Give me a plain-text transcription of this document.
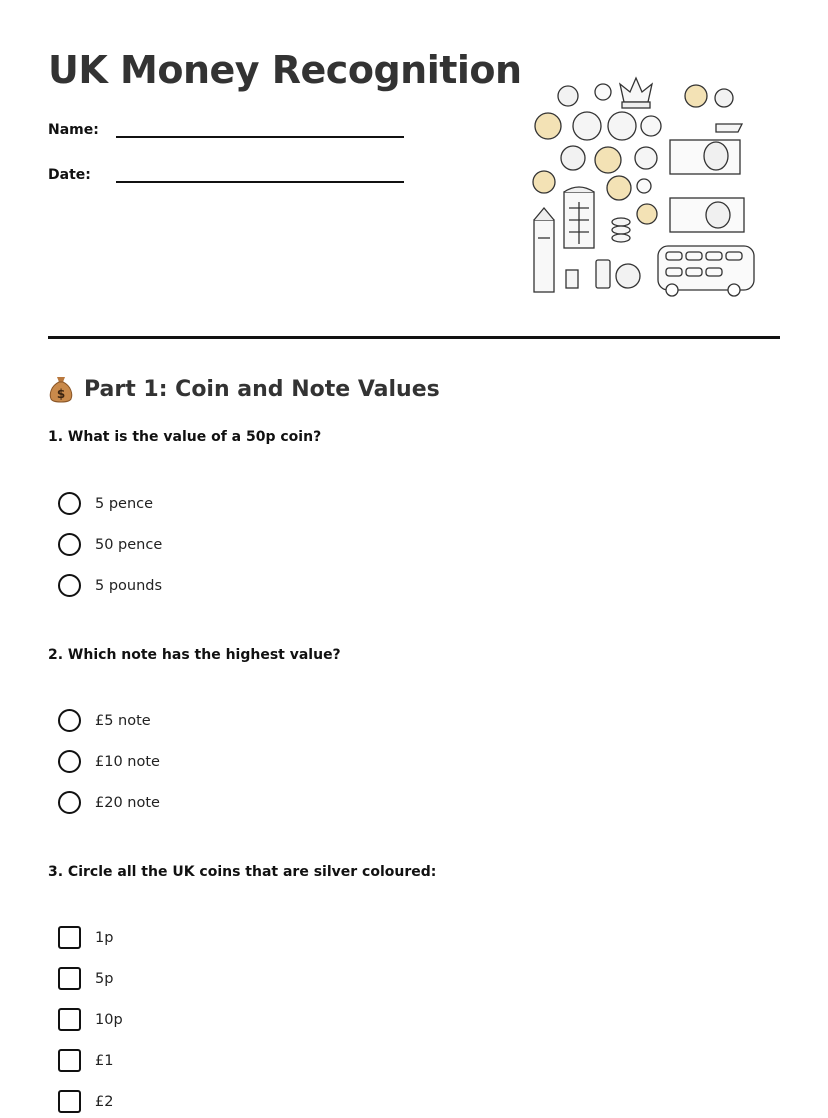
UK Money Recognition
Name:
Date:
$ Part 1: Coin and Note Values
1. What is the value of a 50p coin?
5 pence
50 pence
5 pounds
2. Which note has the highest value?
£5 note
£10 note
£20 note
3. Circle all the UK coins that are silver coloured:
1p
5p
10p
£1
£2
